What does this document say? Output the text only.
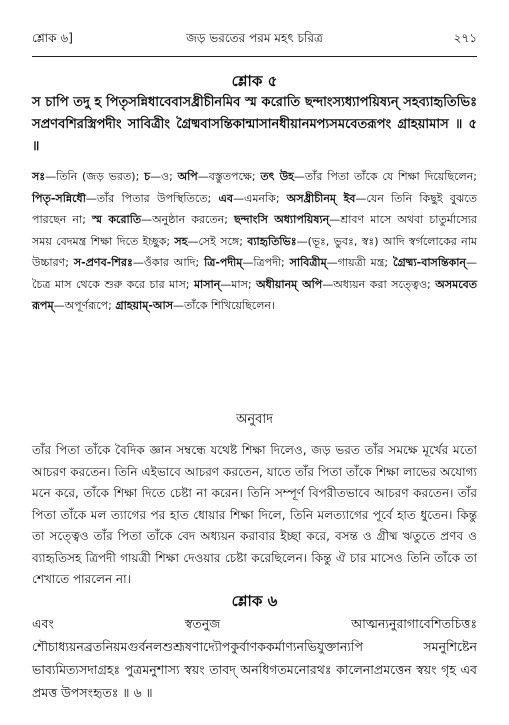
শ্লোক ৬]	জড় ভরতের পরম মহৎ চরিত্র	২৭১
শ্লোক ৫
স চাপি তদু হ পিতৃসন্নিধাবেবাসধ্রীচীনমিব স্ম করোতি ছন্দাংস্যধ্যাপয়িষ্যন্ সহব্যাহৃতিভিঃ সপ্রণবশিরস্ত্রিপদীং সাবিত্রীং গ্রৈষ্মবাসন্তিকান্মাসানধীয়ানমপ্যসমবেতরূপং গ্রাহয়ামাস ॥ ৫ ॥
সঃ—তিনি (জড় ভরত); চ—ও; অপি—বস্তুতপক্ষে; তৎ উহ—তাঁর পিতা তাঁকে যে শিক্ষা দিয়েছিলেন; পিতৃ-সন্নিধৌ—তাঁর পিতার উপস্থিতিতে; এব—এমনকি; অসধ্রীচীনম্ ইব—যেন তিনি কিছুই বুঝতে পারছেন না; স্ম করোতি—অনুষ্ঠান করতেন; ছন্দাংসি অধ্যাপয়িষ্যন্—শ্রাবণ মাসে অথবা চাতুর্মাস্যের সময় বেদমন্ত্র শিক্ষা দিতে ইচ্ছুক; সহ—সেই সঙ্গে; ব্যাহৃতিভিঃ—(ভূঃ, ভুবঃ, স্বঃ) আদি স্বর্গলোকের নাম উচ্চারণ; স-প্রণব-শিরঃ—ওঁকার আদি; ত্রি-পদীম্—ত্রিপদী; সাবিত্রীম্—গায়ত্রী মন্ত্র; গ্রৈষ্ম্য-বাসন্তিকান্—চৈত্র মাস থেকে শুরু করে চার মাস; মাসান্—মাস; অধীয়ানম্ অপি—অধ্যয়ন করা সত্ত্বেও; অসমবেত রূপম্—অপূর্ণরূপে; গ্রাহয়াম্-আস—তাঁকে শিখিয়েছিলেন।
অনুবাদ
তাঁর পিতা তাঁকে বৈদিক জ্ঞান সম্বন্ধে যথেষ্ট শিক্ষা দিলেও, জড় ভরত তাঁর সমক্ষে মূর্খের মতো আচরণ করতেন। তিনি এইভাবে আচরণ করতেন, যাতে তাঁর পিতা তাঁকে শিক্ষা লাভের অযোগ্য মনে করে, তাঁকে শিক্ষা দিতে চেষ্টা না করেন। তিনি সম্পূর্ণ বিপরীতভাবে আচরণ করতেন। তাঁর পিতা তাঁকে মল ত্যাগের পর হাত ধোয়ার শিক্ষা দিলে, তিনি মলত্যাগের পূর্বে হাত ধুতেন। কিন্তু তা সত্ত্বেও তাঁর পিতা তাঁকে বেদ অধ্যয়ন করাবার ইচ্ছা করে, বসন্ত ও গ্রীষ্ম ঋতুতে প্রণব ও ব্যাহৃতিসহ ত্রিপদী গায়ত্রী শিক্ষা দেওয়ার চেষ্টা করেছিলেন। কিন্তু ঐ চার মাসেও তিনি তাঁকে তা শেখাতে পারলেন না।
শ্লোক ৬
এবং স্বতনুজ আত্মন্যনুরাগাবেশিতচিত্তঃ শৌচাধ্যয়নব্রতনিয়মগুর্বনলশুশ্রূষণাদ্যৌপকুর্বাণককর্মাণ্যনভিযুক্তান্যপি সমনুশিষ্টেন ভাব্যমিত্যসদাগ্রহঃ পুত্রমনুশাস্য স্বয়ং তাবদ্ অনধিগতমনোরথঃ কালেনাপ্রমত্তেন স্বয়ং গৃহ এব প্রমত্ত উপসংহৃতঃ ॥ ৬ ॥
